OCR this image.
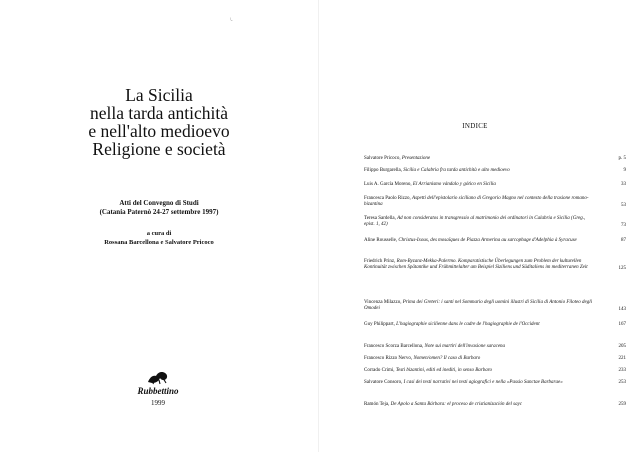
\.
La Sicilia
nella tarda antichità
e nell'alto medioevo
Religione e società
Atti del Convegno di Studi
(Catania Paternò 24-27 settembre 1997)
a cura di
Rossana Barcellona e Salvatore Pricoco
Rubbettino
1999
INDICE
Salvatore Pricoco, Presentazione	p. 5
Filippo Burgarella, Sicilia e Calabria fra tarda antichità e alto medioevo	9
Luis A. García Moreno, El Arrianismo vándalo y gótico en Sicilia	33
Francesca Paolo Rizzo, Aspetti dell'epistolario siciliano di Gregorio Magno nel contesto della trasione romano-bizantina	53
Teresa Sardella, Ad non consideratos in transgressio al matrimonio dei ordinatori in Calabria e Sicilia (Greg., epist. 1, 42)	73
Aline Rousselle, Christus-Ixous, des mosaïques de Piazza Armerina au sarcophage d'Adelphia à Syracuse	87
Friedrich Prinz, Rom-Byzanz-Mekka-Palermo. Komparatistische Überlegungen zum Problem der kulturellen Kontinuität zwischen Spätantike und Frühmittelalter am Beispiel Siziliens und Süditaliens im mediterranen Zeit	125
Vincenza Milazzo, Prima dei Greteri: i santi nel Sommario degli uomini illustri di Sicilia di Antonio Filoteo degli Omodei	143
Guy Philippart, L'hagiographie sicilienne dans le cadre de l'hagiographie de l'Occident	167
Francesco Scorza Barcellona, Note sui martiri dell'invasione saracena	205
Francesco Rizzo Nervo, Nomen/omen? Il caso di Barbaro	221
Corrado Crimi, Testi bizantini, editi ed inediti, in senso Barbaro	233
Salvatore Consoro, I casi dei testi narrativi nei testi agiografici e nella «Passio Sanctae Barbarae»	253
Ramón Teja, De Apolo a Santa Bárbara: el proceso de cristianización del sayc	259
